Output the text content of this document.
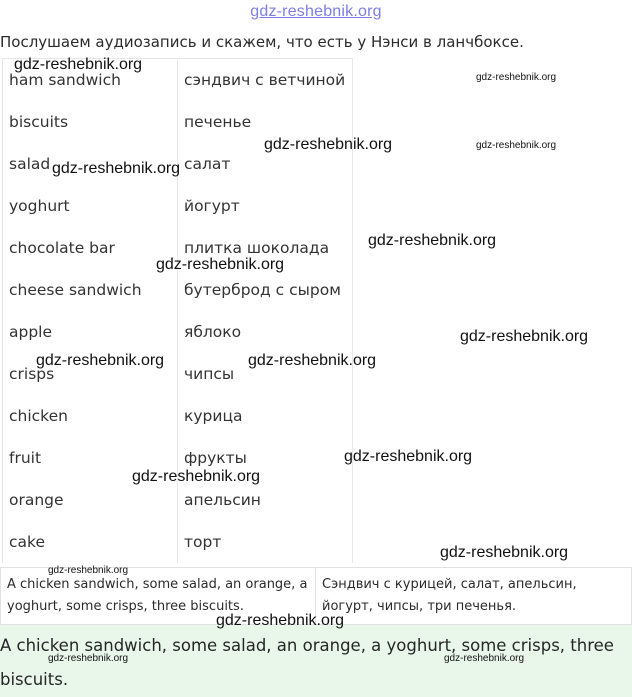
gdz-reshebnik.org
Послушаем аудиозапись и скажем, что есть у Нэнси в ланчбоксе.
ham sandwich	сэндвич с ветчиной
biscuits	печенье
salad	салат
yoghurt	йогурт
chocolate bar	плитка шоколада
cheese sandwich	бутерброд с сыром
apple	яблоко
crisps	чипсы
chicken	курица
fruit	фрукты
orange	апельсин
cake	торт
A chicken sandwich, some salad, an orange, a yoghurt, some crisps, three biscuits.	Сэндвич с курицей, салат, апельсин, йогурт, чипсы, три печенья.
A chicken sandwich, some salad, an orange, a yoghurt, some crisps, three biscuits.
gdz-reshebnik.org
gdz-reshebnik.org
gdz-reshebnik.org	gdz-reshebnik.org
gdz-reshebnik.org
gdz-reshebnik.org
gdz-reshebnik.org
gdz-reshebnik.org
gdz-reshebnik.org	gdz-reshebnik.org
gdz-reshebnik.org
gdz-reshebnik.org
gdz-reshebnik.org
gdz-reshebnik.org
gdz-reshebnik.org
gdz-reshebnik.org	gdz-reshebnik.org
